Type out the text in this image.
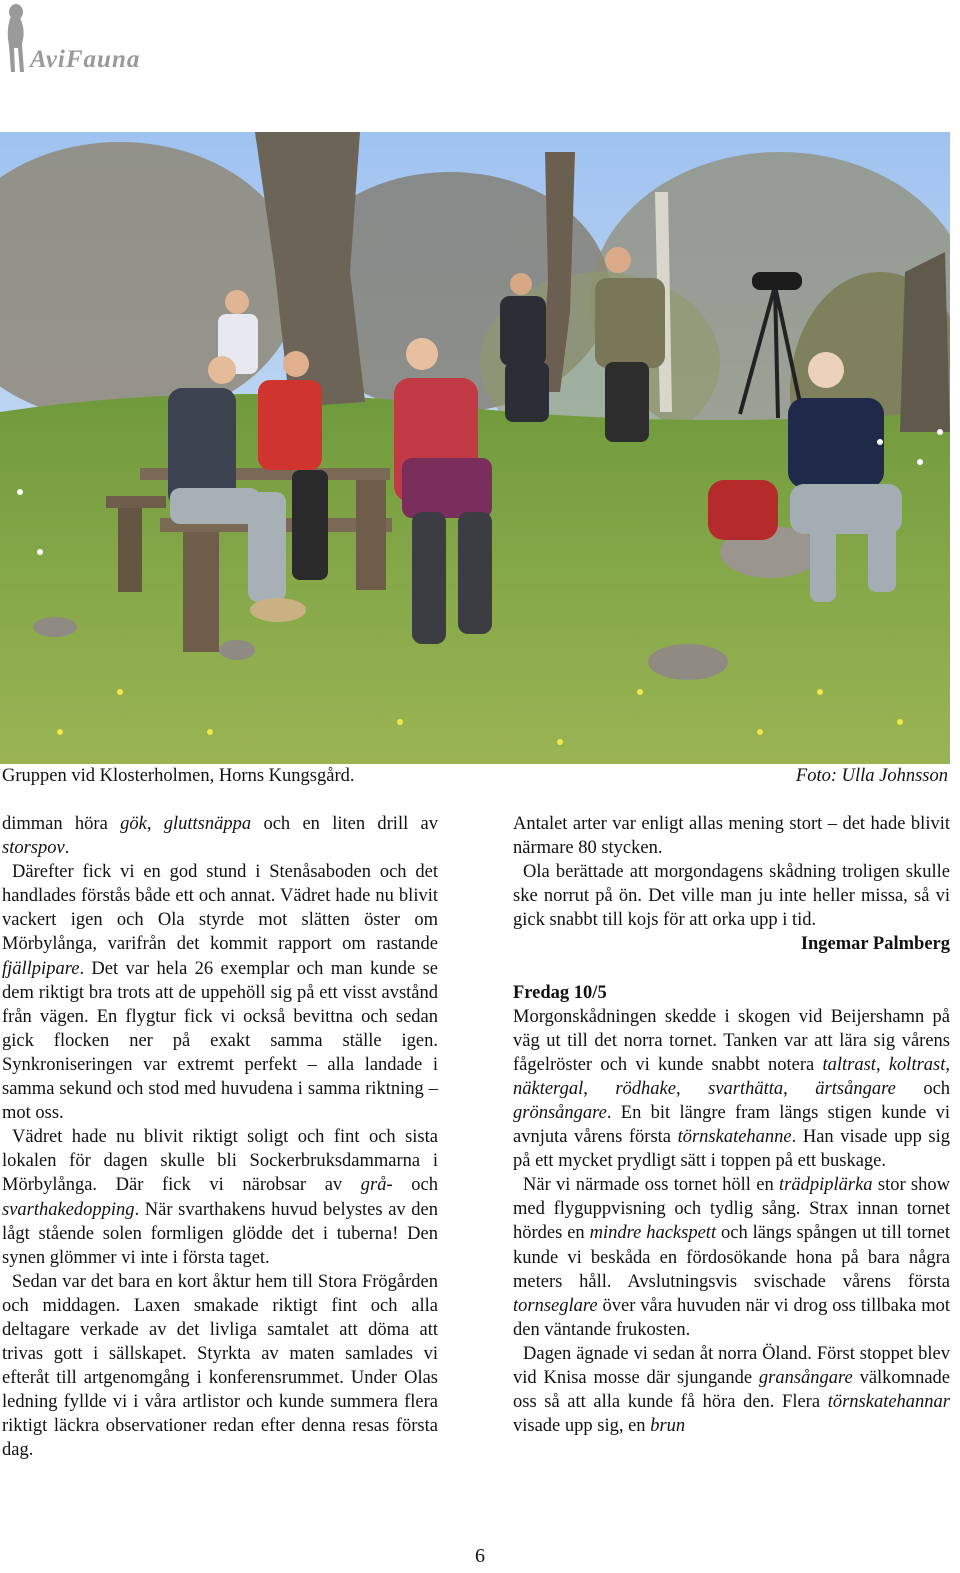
AviFauna
Gruppen vid Klosterholmen, Horns Kungsgård.	Foto: Ulla Johnsson

dimman höra gök, gluttsnäppa och en liten drill av storspov.

Därefter fick vi en god stund i Stenåsaboden och det handlades förstås både ett och annat. Vädret hade nu blivit vackert igen och Ola styrde mot slätten öster om Mörbylånga, varifrån det kommit rapport om rastande fjällpipare. Det var hela 26 exemplar och man kunde se dem riktigt bra trots att de uppehöll sig på ett visst avstånd från vägen. En flygtur fick vi också bevittna och sedan gick flocken ner på exakt samma ställe igen. Synkroniseringen var extremt perfekt – alla landade i samma sekund och stod med huvudena i samma riktning – mot oss.

Vädret hade nu blivit riktigt soligt och fint och sista lokalen för dagen skulle bli Sockerbruksdammarna i Mörbylånga. Där fick vi närobsar av grå- och svarthakedopping. När svarthakens huvud belystes av den lågt stående solen formligen glödde det i tuberna! Den synen glömmer vi inte i första taget.

Sedan var det bara en kort åktur hem till Stora Frögården och middagen. Laxen smakade riktigt fint och alla deltagare verkade av det livliga samtalet att döma att trivas gott i sällskapet. Styrkta av maten samlades vi efteråt till artgenomgång i konferensrummet. Under Olas ledning fyllde vi i våra artlistor och kunde summera flera riktigt läckra observationer redan efter denna resas första dag.

Antalet arter var enligt allas mening stort – det hade blivit närmare 80 stycken.

Ola berättade att morgondagens skådning troligen skulle ske norrut på ön. Det ville man ju inte heller missa, så vi gick snabbt till kojs för att orka upp i tid.

Ingemar Palmberg

Fredag 10/5

Morgonskådningen skedde i skogen vid Beijershamn på väg ut till det norra tornet. Tanken var att lära sig vårens fågelröster och vi kunde snabbt notera taltrast, koltrast, näktergal, rödhake, svarthätta, ärtsångare och grönsångare. En bit längre fram längs stigen kunde vi avnjuta vårens första törnskatehanne. Han visade upp sig på ett mycket prydligt sätt i toppen på ett buskage.

När vi närmade oss tornet höll en trädpiplärka stor show med flyguppvisning och tydlig sång. Strax innan tornet hördes en mindre hackspett och längs spången ut till tornet kunde vi beskåda en fördosökande hona på bara några meters håll. Avslutningsvis svischade vårens första tornseglare över våra huvuden när vi drog oss tillbaka mot den väntande frukosten.

Dagen ägnade vi sedan åt norra Öland. Först stoppet blev vid Knisa mosse där sjungande gransångare välkomnade oss så att alla kunde få höra den. Flera törnskatehannar visade upp sig, en brun

6
